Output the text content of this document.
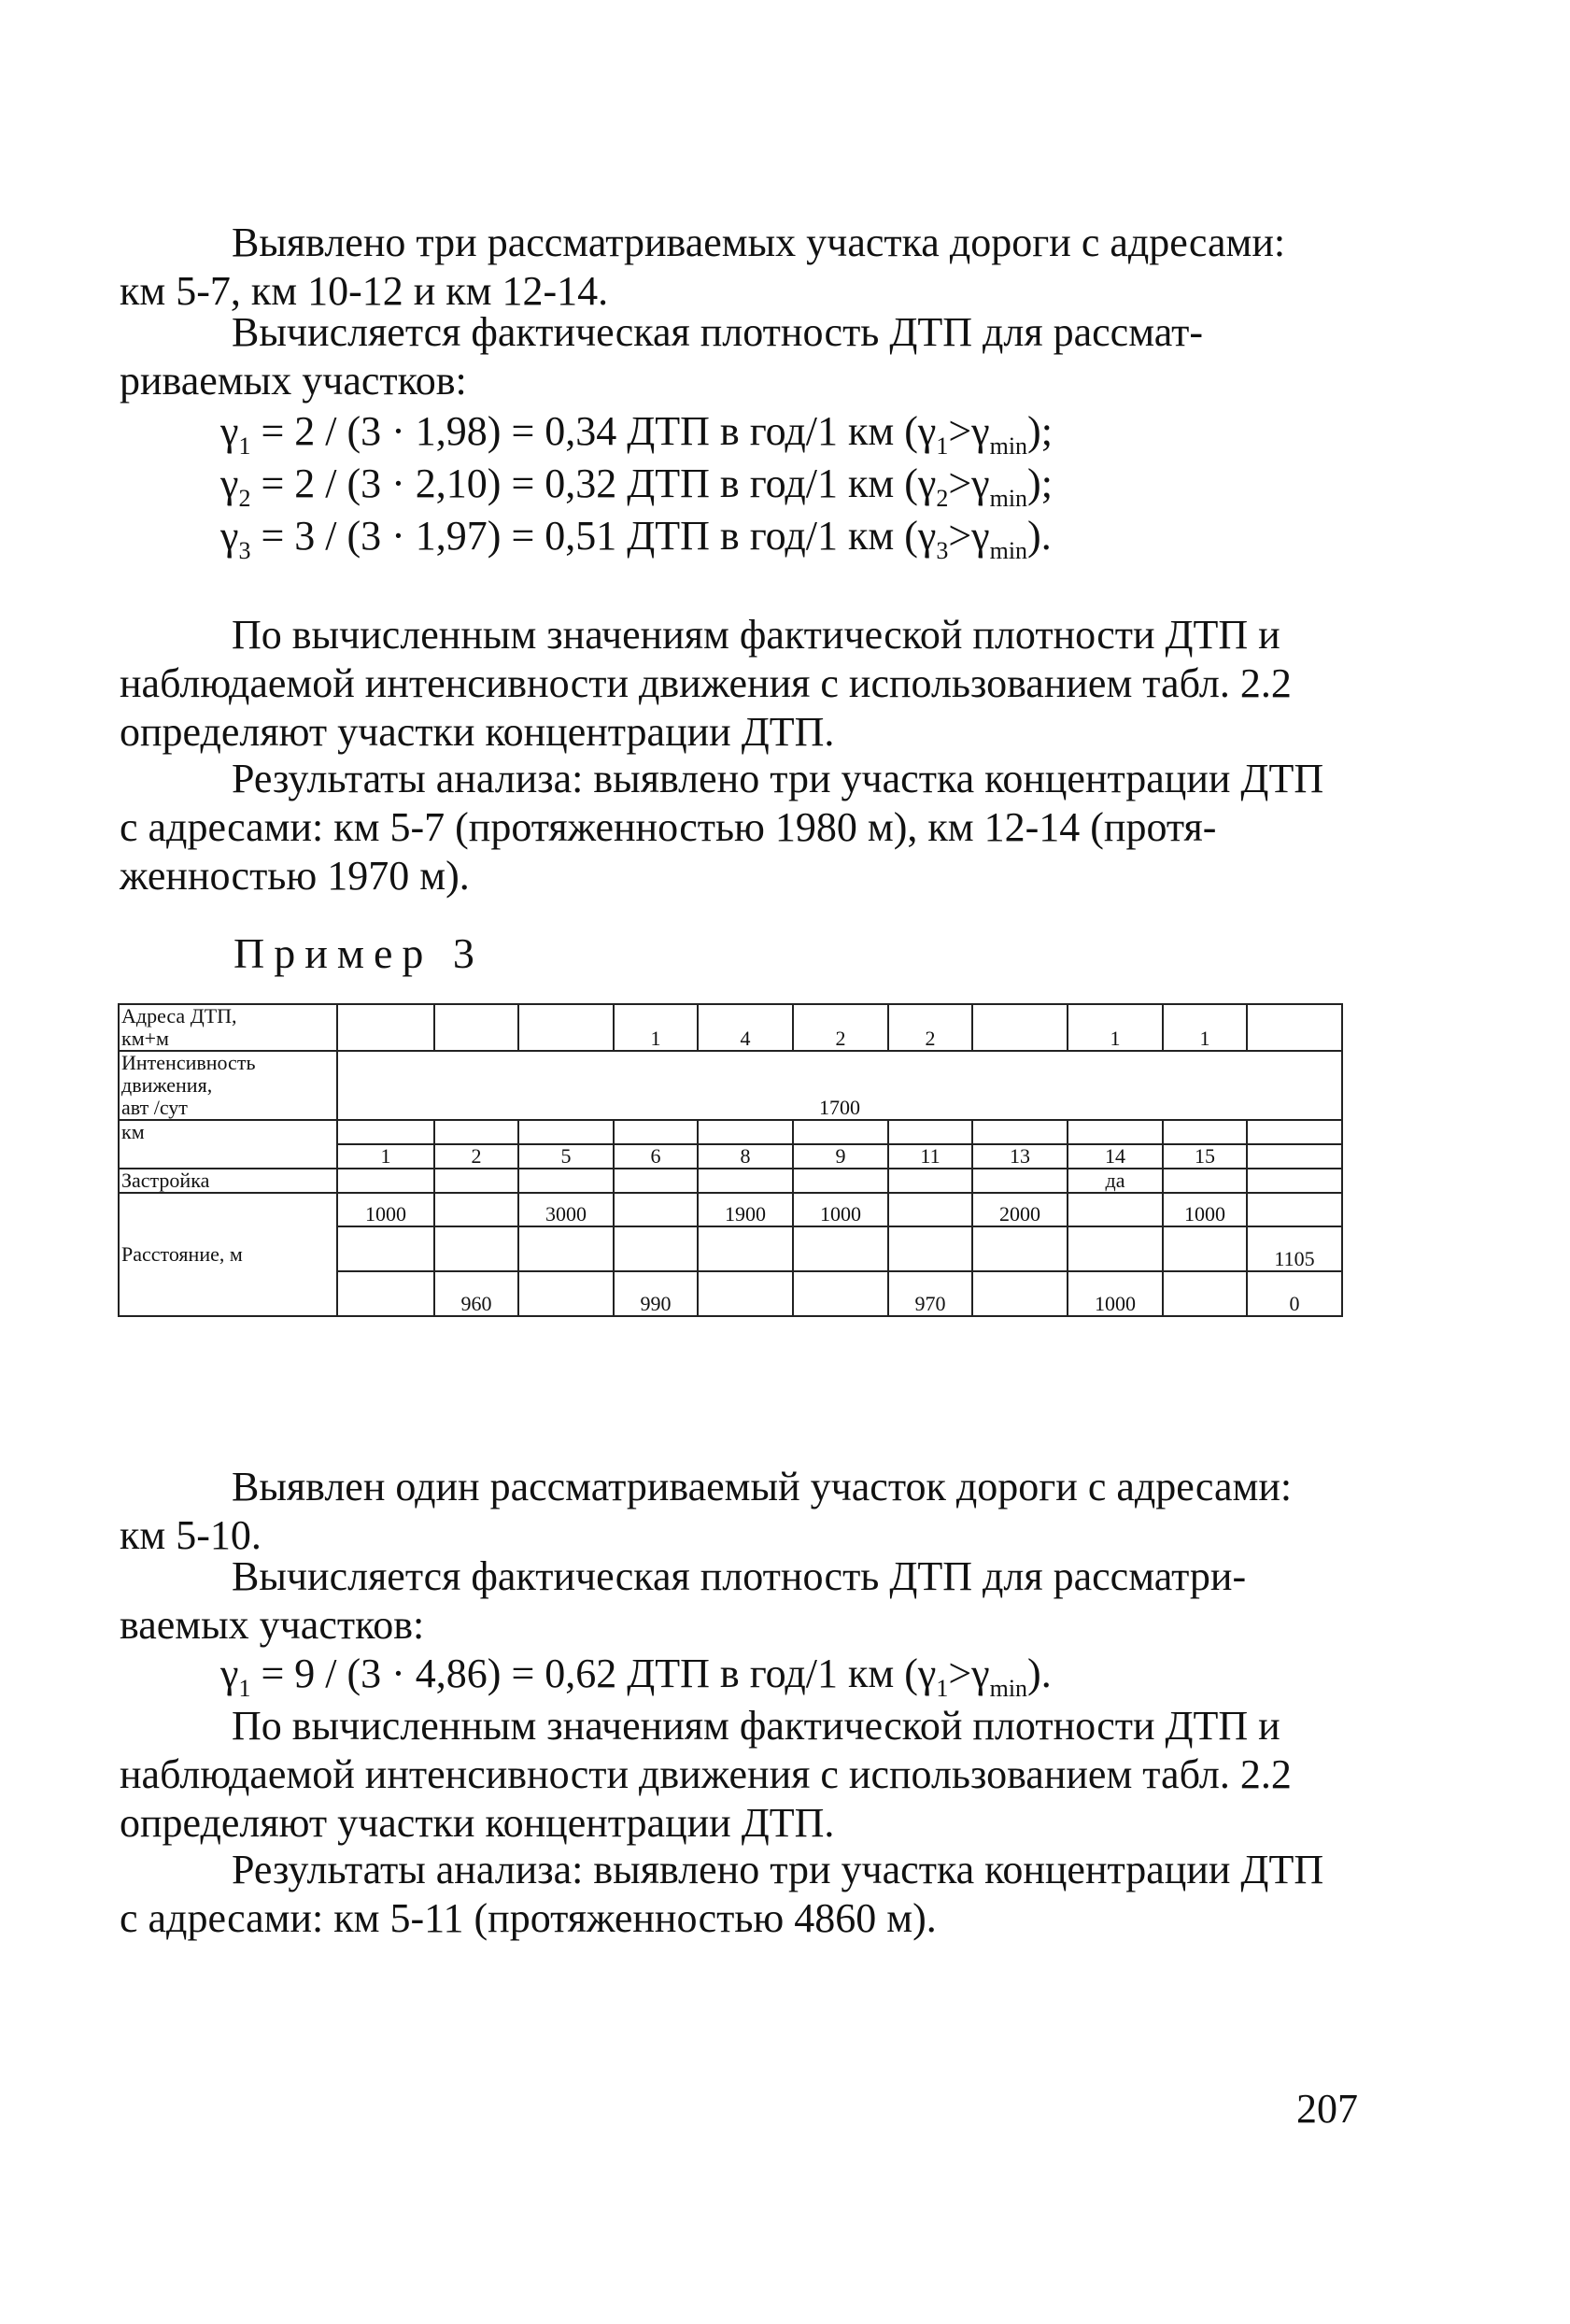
Выявлено три рассматриваемых участка дороги с адресами:
км 5-7, км 10-12 и км 12-14.
Вычисляется фактическая плотность ДТП для рассмат-
риваемых участков:
$\gamma_1 = 2 / (3 \cdot 1,98) = 0,34$ ДТП в год/1 км $(\gamma_1>\gamma_{min})$;
$\gamma_2 = 2 / (3 \cdot 2,10) = 0,32$ ДТП в год/1 км $(\gamma_2>\gamma_{min})$;
$\gamma_3 = 3 / (3 \cdot 1,97) = 0,51$ ДТП в год/1 км $(\gamma_3>\gamma_{min})$.
По вычисленным значениям фактической плотности ДТП и
наблюдаемой интенсивности движения с использованием табл. 2.2
определяют участки концентрации ДТП.
Результаты анализа: выявлено три участка концентрации ДТП
с адресами: км 5-7 (протяженностью 1980 м), км 12-14 (протя-
женностью 1970 м).
Пример 3
Адреса ДТП,
км+м				1	4	2	2		1	1	
Интенсивность
движения,
авт /сут	1700										
км											
	1	2	5	6	8	9	11	13	14	15	
Застройка									да		
Расстояние, м	1000		3000		1900	1000		2000		1000	
											1105
		960		990			970		1000		0
Выявлен один рассматриваемый участок дороги с адресами:
км 5-10.
Вычисляется фактическая плотность ДТП для рассматри-
ваемых участков:
$\gamma_1 = 9 / (3 \cdot 4,86) = 0,62$ ДТП в год/1 км $(\gamma_1>\gamma_{min})$.
По вычисленным значениям фактической плотности ДТП и
наблюдаемой интенсивности движения с использованием табл. 2.2
определяют участки концентрации ДТП.
Результаты анализа: выявлено три участка концентрации ДТП
с адресами: км 5-11 (протяженностью 4860 м).
207
